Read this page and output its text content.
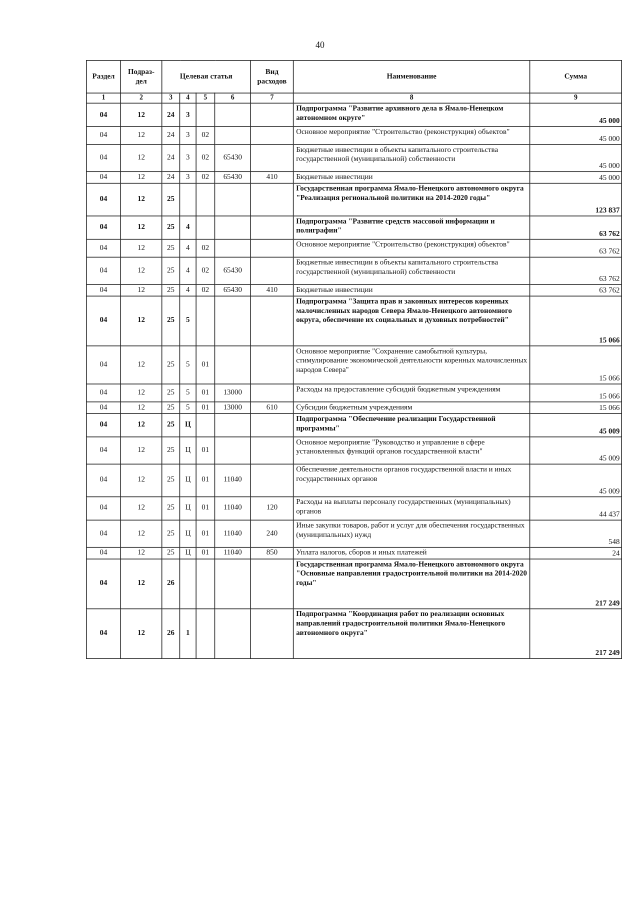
40
Раздел	Подраз-дел	Целевая статья				Вид расходов	Наименование	Сумма
1	2	3	4	5	6	7	8	9
04	12	24	3				Подпрограмма "Развитие архивного дела в Ямало-Ненецком автономном округе"	45 000
04	12	24	3	02			Основное мероприятие "Строительство (реконструкция) объектов"	45 000
04	12	24	3	02	65430		Бюджетные инвестиции в объекты капитального строительства государственной (муниципальной) собственности	45 000
04	12	24	3	02	65430	410	Бюджетные инвестиции	45 000
04	12	25					Государственная программа Ямало-Ненецкого автономного округа "Реализация региональной политики на 2014-2020 годы"	123 837
04	12	25	4				Подпрограмма "Развитие средств массовой информации и полиграфии"	63 762
04	12	25	4	02			Основное мероприятие "Строительство (реконструкция) объектов"	63 762
04	12	25	4	02	65430		Бюджетные инвестиции в объекты капитального строительства государственной (муниципальной) собственности	63 762
04	12	25	4	02	65430	410	Бюджетные инвестиции	63 762
04	12	25	5				Подпрограмма "Защита прав и законных интересов коренных малочисленных народов Севера Ямало-Ненецкого автономного округа, обеспечение их социальных и духовных потребностей"	15 066
04	12	25	5	01			Основное мероприятие "Сохранение самобытной культуры, стимулирование экономической деятельности коренных малочисленных народов Севера"	15 066
04	12	25	5	01	13000		Расходы на предоставление субсидий бюджетным учреждениям	15 066
04	12	25	5	01	13000	610	Субсидии бюджетным учреждениям	15 066
04	12	25	Ц				Подпрограмма "Обеспечение реализации Государственной программы"	45 009
04	12	25	Ц	01			Основное мероприятие "Руководство и управление в сфере установленных функций органов государственной власти"	45 009
04	12	25	Ц	01	11040		Обеспечение деятельности органов государственной власти и иных государственных органов	45 009
04	12	25	Ц	01	11040	120	Расходы на выплаты персоналу государственных (муниципальных) органов	44 437
04	12	25	Ц	01	11040	240	Иные закупки товаров, работ и услуг для обеспечения государственных (муниципальных) нужд	548
04	12	25	Ц	01	11040	850	Уплата налогов, сборов и иных платежей	24
04	12	26					Государственная программа Ямало-Ненецкого автономного округа "Основные направления градостроительной политики на 2014-2020 годы"	217 249
04	12	26	1				Подпрограмма "Координация работ по реализации основных направлений градостроительной политики Ямало-Ненецкого автономного округа"	217 249
